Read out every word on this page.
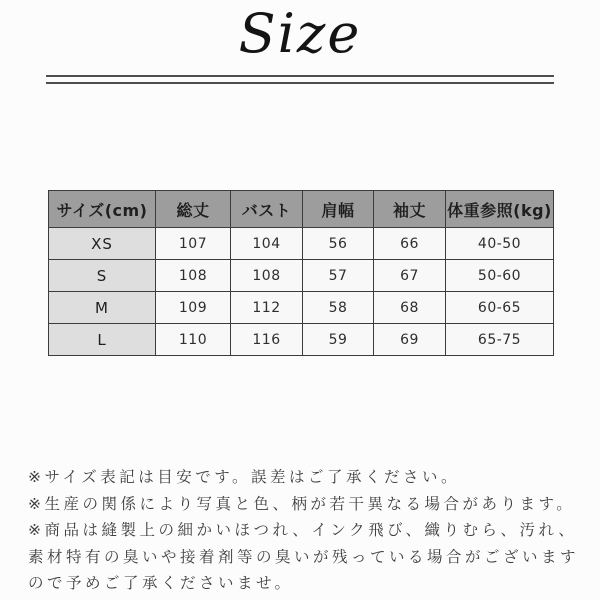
Size
サイズ(cm)	総丈	バスト	肩幅	袖丈	体重参照(kg)
XS	107	104	56	66	40-50
S	108	108	57	67	50-60
M	109	112	58	68	60-65
L	110	116	59	69	65-75
※サイズ表記は目安です。誤差はご了承ください。
※生産の関係により写真と色、柄が若干異なる場合があります。
※商品は縫製上の細かいほつれ、インク飛び、織りむら、汚れ、
素材特有の臭いや接着剤等の臭いが残っている場合がございます
ので予めご了承くださいませ。
